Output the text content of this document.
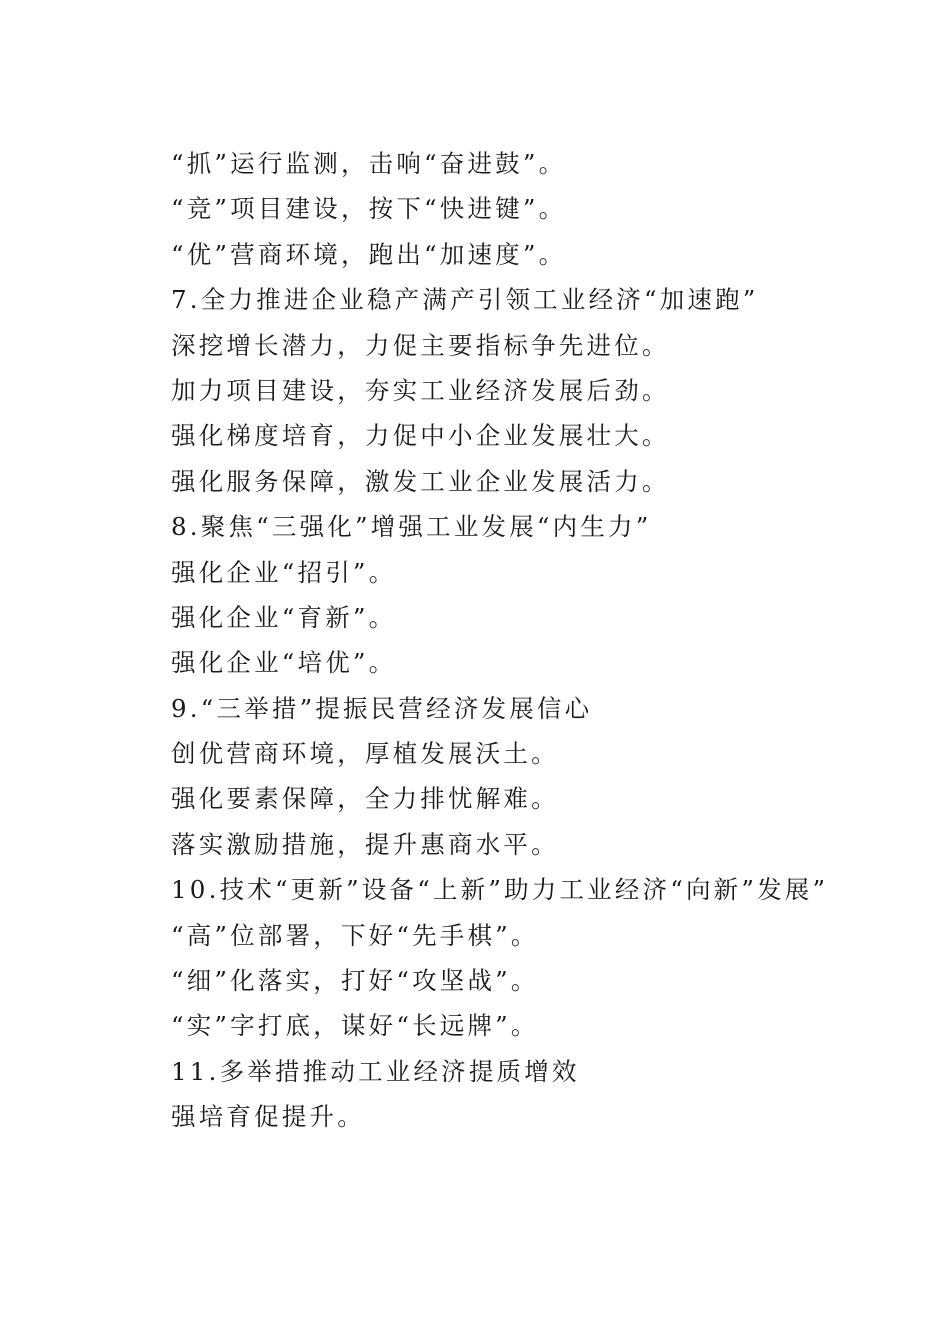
“抓”运行监测，击响“奋进鼓”。
“竞”项目建设，按下“快进键”。
“优”营商环境，跑出“加速度”。
7.全力推进企业稳产满产引领工业经济“加速跑”
深挖增长潜力，力促主要指标争先进位。
加力项目建设，夯实工业经济发展后劲。
强化梯度培育，力促中小企业发展壮大。
强化服务保障，激发工业企业发展活力。
8.聚焦“三强化”增强工业发展“内生力”
强化企业“招引”。
强化企业“育新”。
强化企业“培优”。
9.“三举措”提振民营经济发展信心
创优营商环境，厚植发展沃土。
强化要素保障，全力排忧解难。
落实激励措施，提升惠商水平。
10.技术“更新”设备“上新”助力工业经济“向新”发展”
“高”位部署，下好“先手棋”。
“细”化落实，打好“攻坚战”。
“实”字打底，谋好“长远牌”。
11.多举措推动工业经济提质增效
强培育促提升。
